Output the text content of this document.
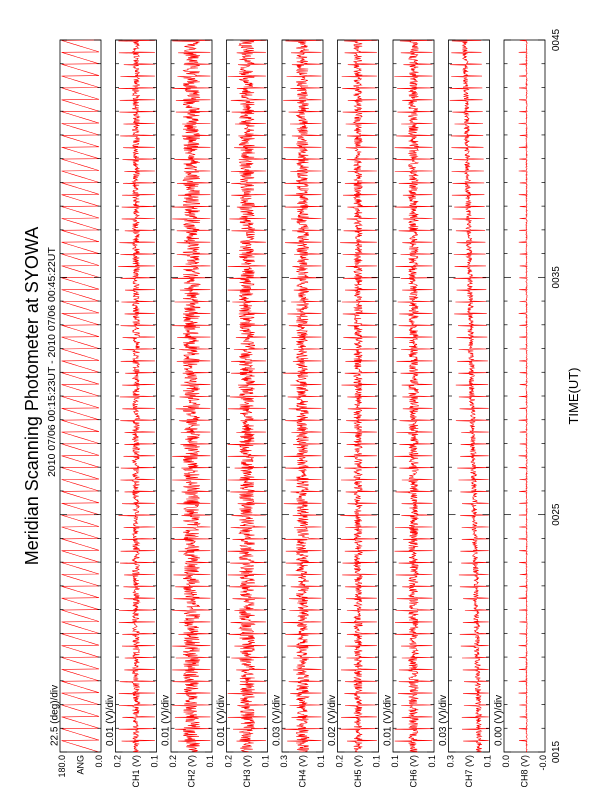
Meridian Scanning Photometer at SYOWA 2010 07/06 00:15:23UT - 2010 07/06 00:45:22UT	TIME(UT)
22.5 (deg)/div
180.0	0.0
ANG
0.01 (V)/div
0.2	0.1
CH1 (V)
0.01 (V)/div
0.2	0.1
CH2 (V)
0.01 (V)/div
0.2	0.1
CH3 (V)
0.03 (V)/div
0.3	0.1
CH4 (V)
0.02 (V)/div
0.2	0.1
CH5 (V)
0.01 (V)/div
0.1	0.1
CH6 (V)
0.03 (V)/div
0.3	0.1
CH7 (V)
0.00 (V)/div
0.0	-0.0
CH8 (V)
0015
0025
0035
0045
